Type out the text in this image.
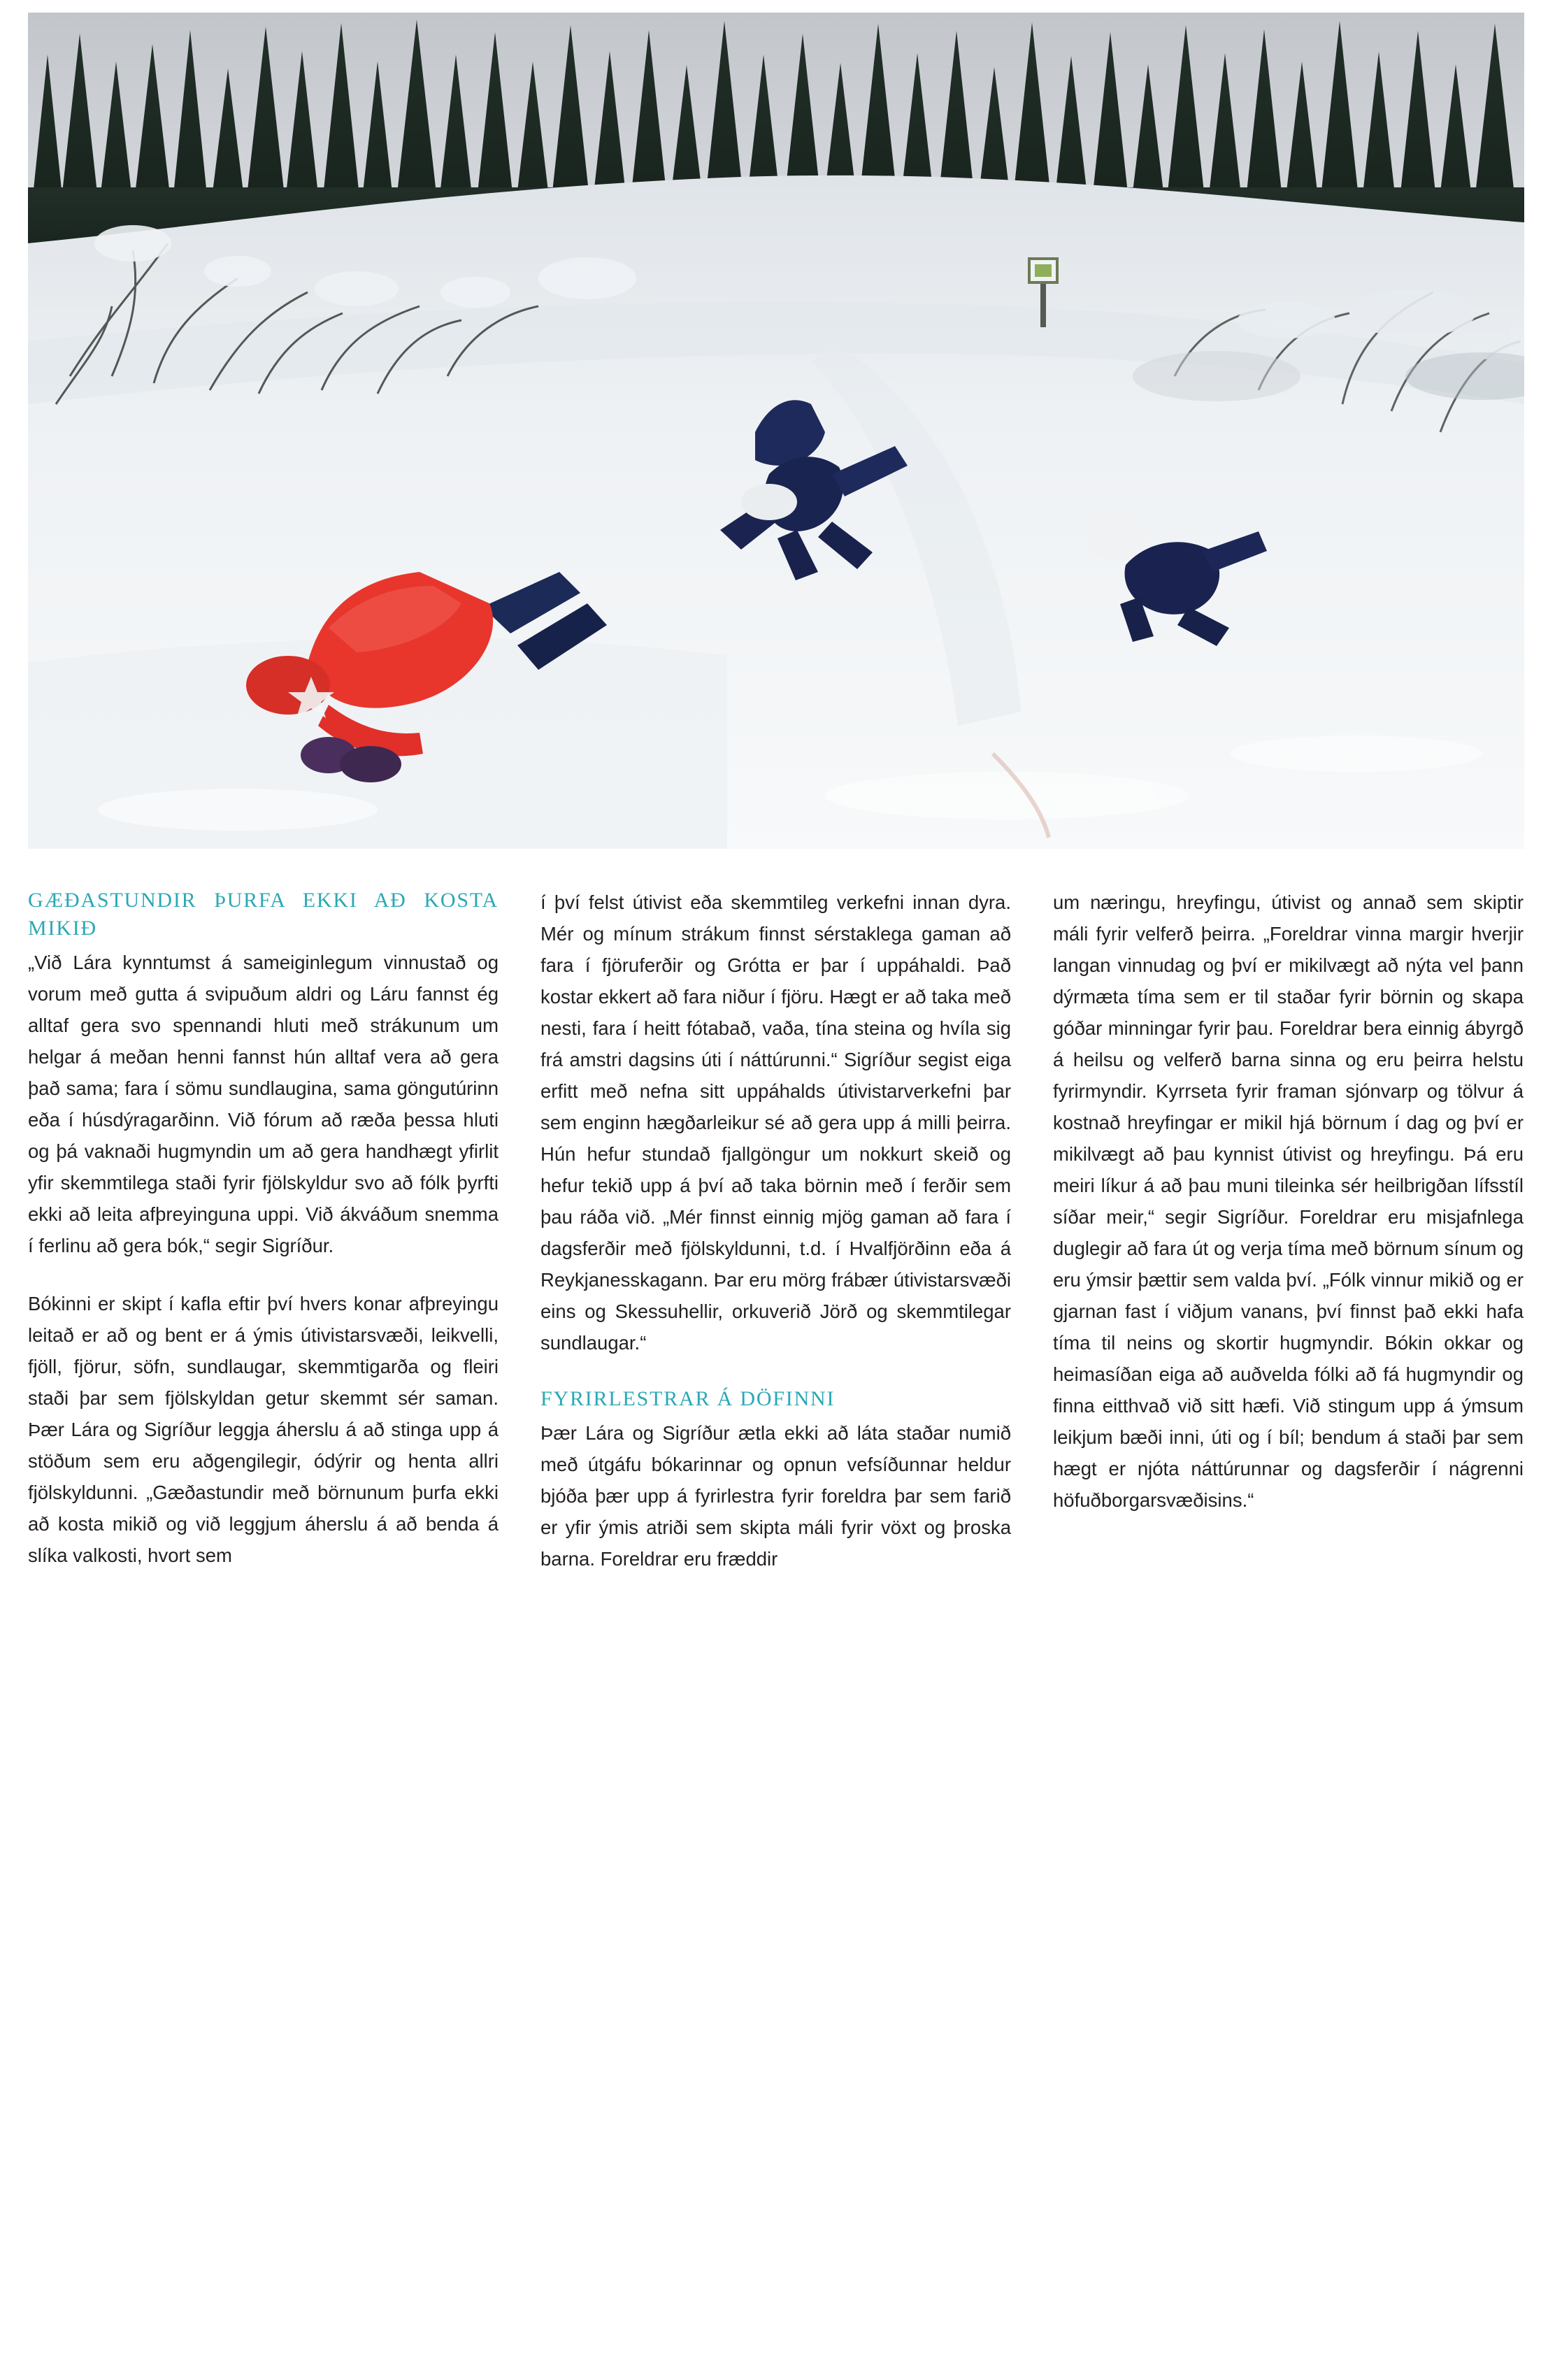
GÆÐASTUNDIR ÞURFA EKKI AÐ KOSTA MIKIÐ

„Við Lára kynntumst á sameiginlegum vinnustað og vorum með gutta á svipuðum aldri og Láru fannst ég alltaf gera svo spennandi hluti með strákunum um helgar á meðan henni fannst hún alltaf vera að gera það sama; fara í sömu sundlaugina, sama göngutúrinn eða í húsdýragarðinn. Við fórum að ræða þessa hluti og þá vaknaði hugmyndin um að gera handhægt yfirlit yfir skemmtilega staði fyrir fjölskyldur svo að fólk þyrfti ekki að leita afþreyinguna uppi. Við ákváðum snemma í ferlinu að gera bók,“ segir Sigríður.

Bókinni er skipt í kafla eftir því hvers konar afþreyingu leitað er að og bent er á ýmis útivistarsvæði, leikvelli, fjöll, fjörur, söfn, sundlaugar, skemmtigarða og fleiri staði þar sem fjölskyldan getur skemmt sér saman. Þær Lára og Sigríður leggja áherslu á að stinga upp á stöðum sem eru aðgengilegir, ódýrir og henta allri fjölskyldunni. „Gæðastundir með börnunum þurfa ekki að kosta mikið og við leggjum áherslu á að benda á slíka valkosti, hvort sem

í því felst útivist eða skemmtileg verkefni innan dyra. Mér og mínum strákum finnst sérstaklega gaman að fara í fjöruferðir og Grótta er þar í uppáhaldi. Það kostar ekkert að fara niður í fjöru. Hægt er að taka með nesti, fara í heitt fótabað, vaða, tína steina og hvíla sig frá amstri dagsins úti í náttúrunni.“ Sigríður segist eiga erfitt með nefna sitt uppáhalds útivistarverkefni þar sem enginn hægðarleikur sé að gera upp á milli þeirra. Hún hefur stundað fjallgöngur um nokkurt skeið og hefur tekið upp á því að taka börnin með í ferðir sem þau ráða við. „Mér finnst einnig mjög gaman að fara í dagsferðir með fjölskyldunni, t.d. í Hvalfjörðinn eða á Reykjanesskagann. Þar eru mörg frábær útivistarsvæði eins og Skessuhellir, orkuverið Jörð og skemmtilegar sundlaugar.“

FYRIRLESTRAR Á DÖFINNI

Þær Lára og Sigríður ætla ekki að láta staðar numið með útgáfu bókarinnar og opnun vefsíðunnar heldur bjóða þær upp á fyrirlestra fyrir foreldra þar sem farið er yfir ýmis atriði sem skipta máli fyrir vöxt og þroska barna. Foreldrar eru fræddir

um næringu, hreyfingu, útivist og annað sem skiptir máli fyrir velferð þeirra. „Foreldrar vinna margir hverjir langan vinnudag og því er mikilvægt að nýta vel þann dýrmæta tíma sem er til staðar fyrir börnin og skapa góðar minningar fyrir þau. Foreldrar bera einnig ábyrgð á heilsu og velferð barna sinna og eru þeirra helstu fyrirmyndir. Kyrrseta fyrir framan sjónvarp og tölvur á kostnað hreyfingar er mikil hjá börnum í dag og því er mikilvægt að þau kynnist útivist og hreyfingu. Þá eru meiri líkur á að þau muni tileinka sér heilbrigðan lífsstíl síðar meir,“ segir Sigríður. Foreldrar eru misjafnlega duglegir að fara út og verja tíma með börnum sínum og eru ýmsir þættir sem valda því. „Fólk vinnur mikið og er gjarnan fast í viðjum vanans, því finnst það ekki hafa tíma til neins og skortir hugmyndir. Bókin okkar og heimasíðan eiga að auðvelda fólki að fá hugmyndir og finna eitthvað við sitt hæfi. Við stingum upp á ýmsum leikjum bæði inni, úti og í bíl; bendum á staði þar sem hægt er njóta náttúrunnar og dagsferðir í nágrenni höfuðborgarsvæðisins.“
